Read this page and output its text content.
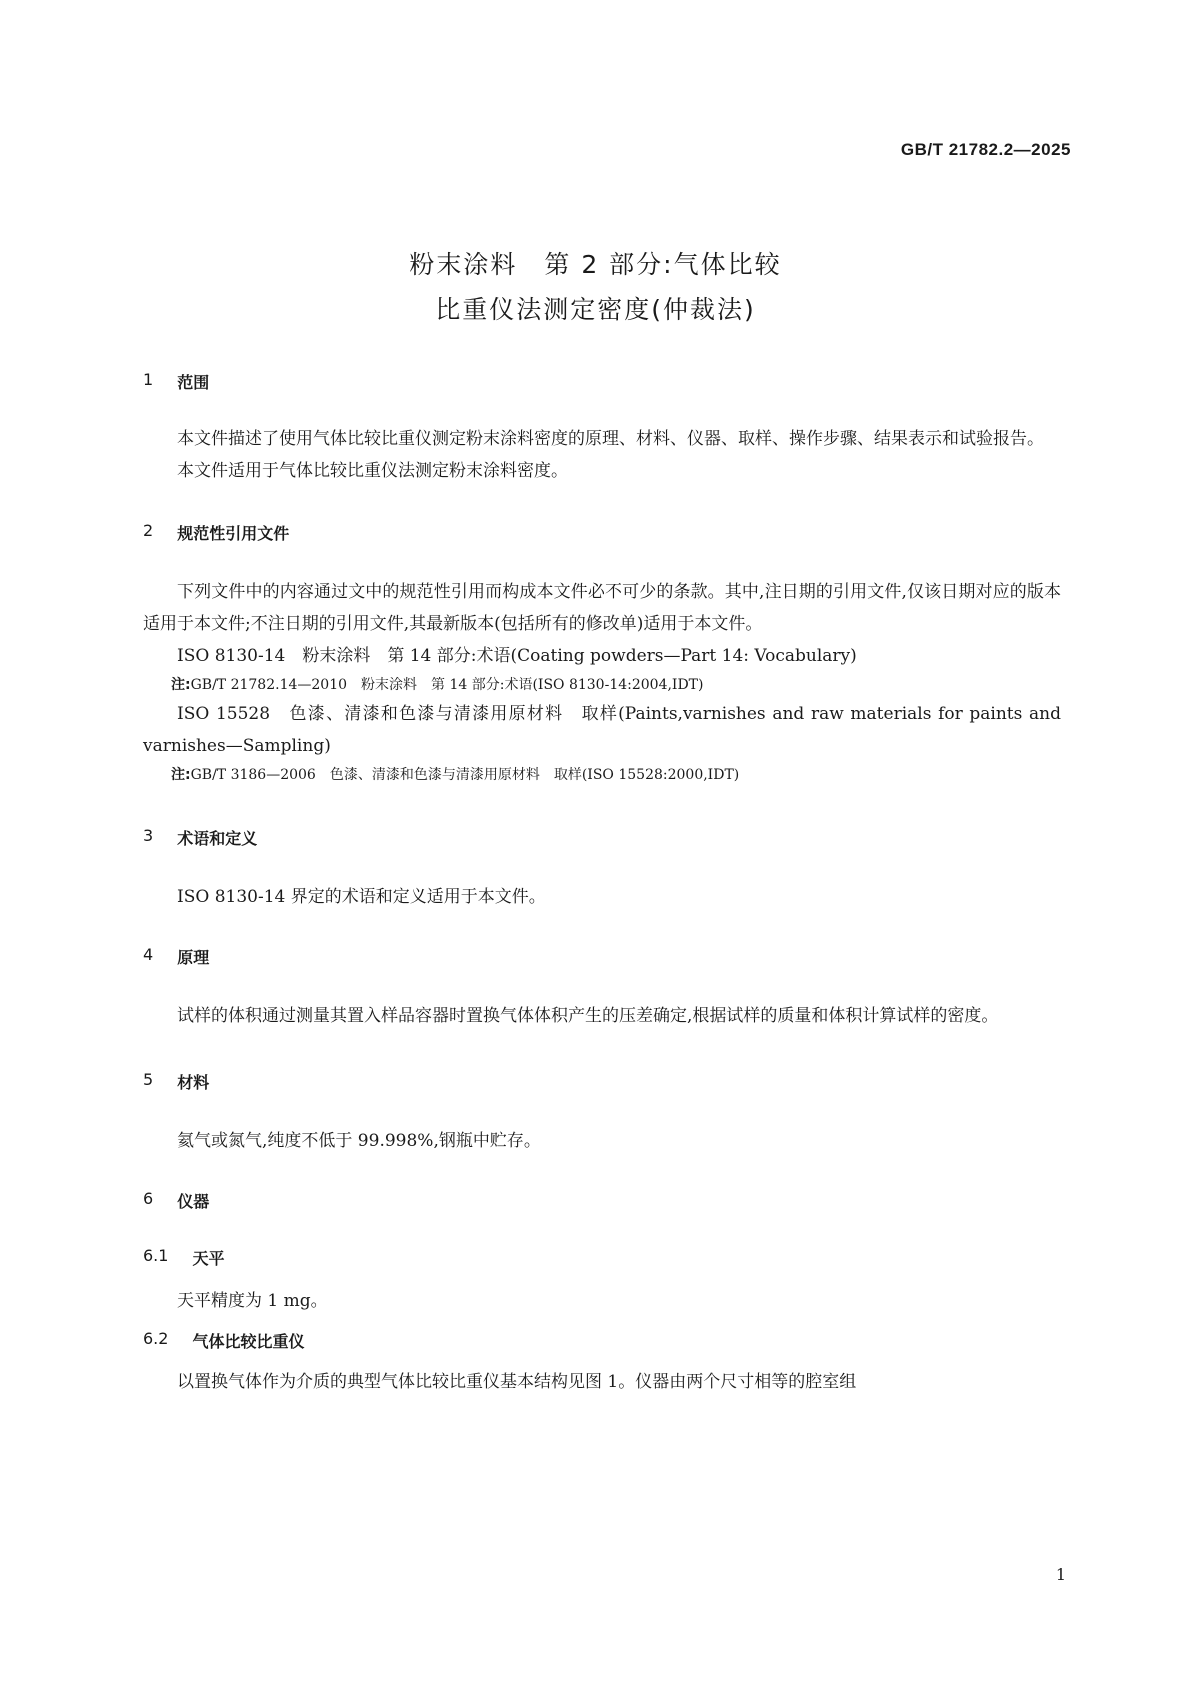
GB/T 21782.2—2025
粉末涂料　第 2 部分:气体比较
比重仪法测定密度(仲裁法)
1 范围

本文件描述了使用气体比较比重仪测定粉末涂料密度的原理、材料、仪器、取样、操作步骤、结果表示和试验报告。

本文件适用于气体比较比重仪法测定粉末涂料密度。

2 规范性引用文件

下列文件中的内容通过文中的规范性引用而构成本文件必不可少的条款。其中,注日期的引用文件,仅该日期对应的版本适用于本文件;不注日期的引用文件,其最新版本(包括所有的修改单)适用于本文件。

ISO 8130-14　粉末涂料　第 14 部分:术语(Coating powders—Part 14: Vocabulary)

注:GB/T 21782.14—2010　粉末涂料　第 14 部分:术语(ISO 8130-14:2004,IDT)

ISO 15528　色漆、清漆和色漆与清漆用原材料　取样(Paints,varnishes and raw materials for paints and varnishes—Sampling)

注:GB/T 3186—2006　色漆、清漆和色漆与清漆用原材料　取样(ISO 15528:2000,IDT)

3 术语和定义

ISO 8130-14 界定的术语和定义适用于本文件。

4 原理

试样的体积通过测量其置入样品容器时置换气体体积产生的压差确定,根据试样的质量和体积计算试样的密度。

5 材料

氦气或氮气,纯度不低于 99.998%,钢瓶中贮存。

6 仪器
6.1 天平

天平精度为 1 mg。

6.2 气体比较比重仪

以置换气体作为介质的典型气体比较比重仪基本结构见图 1。仪器由两个尺寸相等的腔室组

1
